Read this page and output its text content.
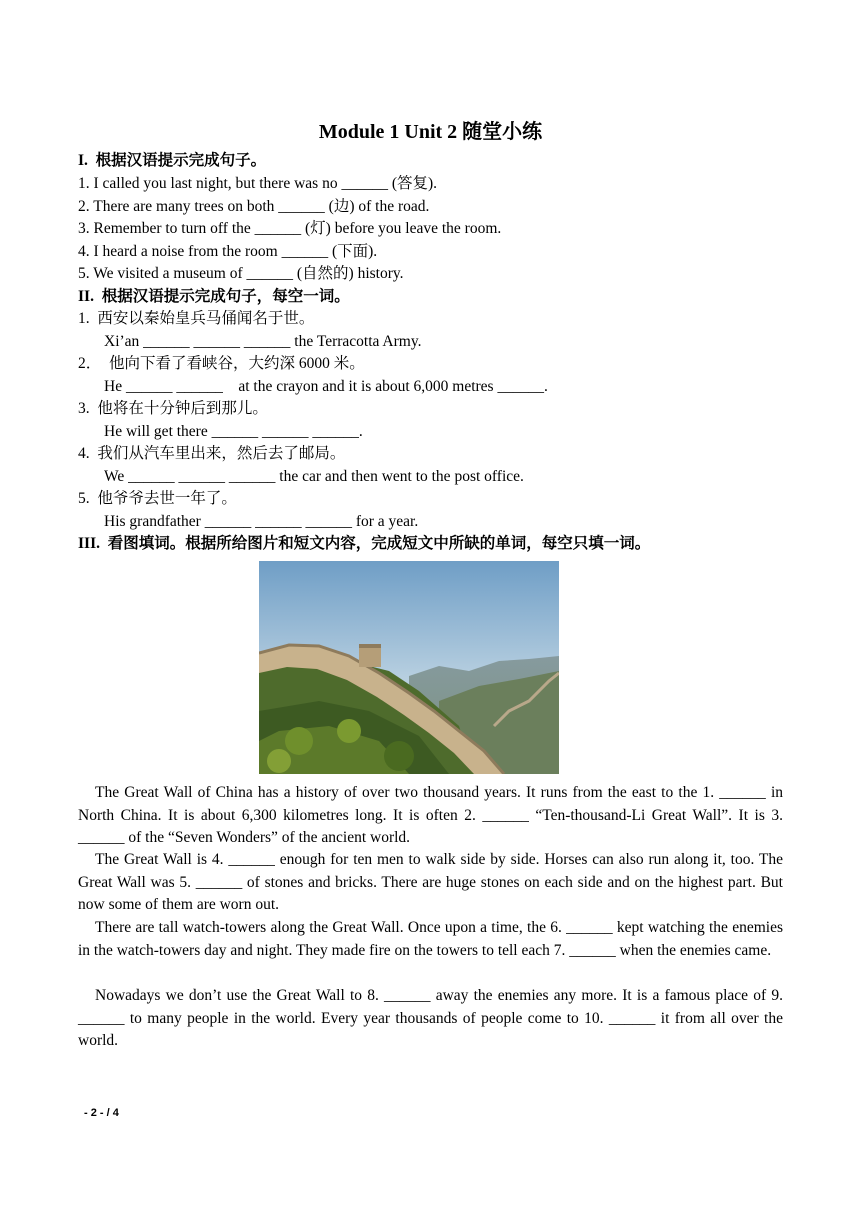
Module 1 Unit 2 随堂小练
I.  根据汉语提示完成句子。
1. I called you last night, but there was no ______ (答复).
2. There are many trees on both ______ (边) of the road.
3. Remember to turn off the ______ (灯) before you leave the room.
4. I heard a noise from the room ______ (下面).
5. We visited a museum of ______ (自然的) history.
II.  根据汉语提示完成句子，每空一词。
1.  西安以秦始皇兵马俑闻名于世。
Xi’an ______ ______ ______ the Terracotta Army.
2．  他向下看了看峡谷，大约深 6000 米。
He ______ ______    at the crayon and it is about 6,000 metres ______.
3.  他将在十分钟后到那儿。
He will get there ______ ______ ______.
4.  我们从汽车里出来，然后去了邮局。
We ______ ______ ______ the car and then went to the post office.
5.  他爷爷去世一年了。
His grandfather ______ ______ ______ for a year.
III.  看图填词。根据所给图片和短文内容，完成短文中所缺的单词，每空只填一词。
The Great Wall of China has a history of over two thousand years. It runs from the east to the 1. ______ in North China. It is about 6,300 kilometres long. It is often 2. ______ “Ten-thousand-Li Great Wall”. It is 3. ______ of the “Seven Wonders” of the ancient world.
The Great Wall is 4. ______ enough for ten men to walk side by side. Horses can also run along it, too. The Great Wall was 5. ______ of stones and bricks. There are huge stones on each side and on the highest part. But now some of them are worn out.
There are tall watch-towers along the Great Wall. Once upon a time, the 6. ______ kept watching the enemies in the watch-towers day and night. They made fire on the towers to tell each 7. ______ when the enemies came.
Nowadays we don’t use the Great Wall to 8. ______ away the enemies any more. It is a famous place of 9. ______ to many people in the world. Every year thousands of people come to 10. ______ it from all over the world.
- 2 - / 4
